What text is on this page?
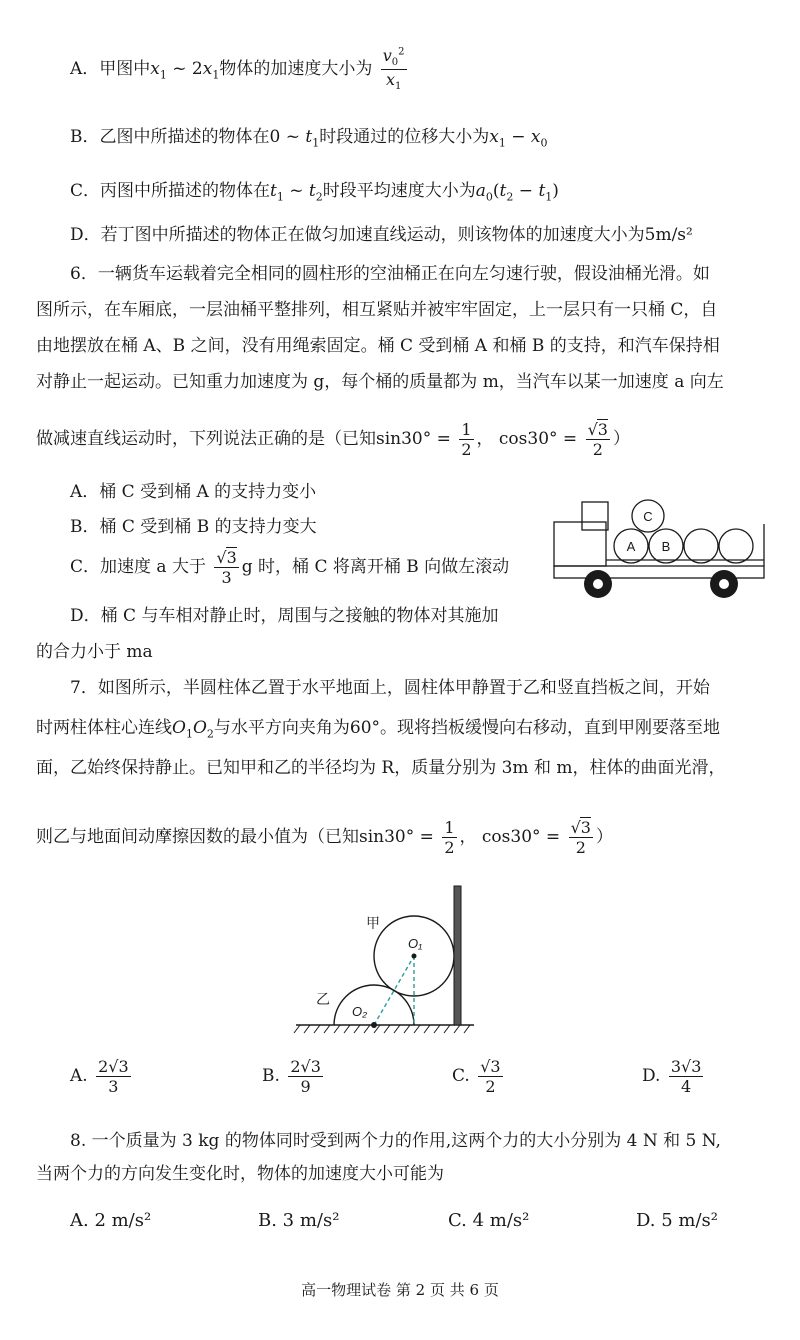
A．甲图中$x_1$ ~ $2x_1$物体的加速度大小为 $\frac{v_0^2}{x_1}$
B．乙图中所描述的物体在0 ~ $t_1$时段通过的位移大小为$x_1 - x_0$
C．丙图中所描述的物体在$t_1$ ~ $t_2$时段平均速度大小为$a_0(t_2 - t_1)$
D．若丁图中所描述的物体正在做匀加速直线运动，则该物体的加速度大小为5m/s²
6．一辆货车运载着完全相同的圆柱形的空油桶正在向左匀速行驶，假设油桶光滑。如
图所示，在车厢底，一层油桶平整排列，相互紧贴并被牢牢固定，上一层只有一只桶 C，自
由地摆放在桶 A、B 之间，没有用绳索固定。桶 C 受到桶 A 和桶 B 的支持，和汽车保持相
对静止一起运动。已知重力加速度为 g，每个桶的质量都为 m，当汽车以某一加速度 a 向左
做减速直线运动时，下列说法正确的是（已知$\sin 30^\circ = \frac{1}{2}$ ， $\cos 30^\circ = \frac{√3}{2}$ ）
A．桶 C 受到桶 A 的支持力变小
B．桶 C 受到桶 B 的支持力变大
C．加速度 a 大于 $\frac{√3}{3}$ g 时，桶 C 将离开桶 B 向做左滚动
D．桶 C 与车相对静止时，周围与之接触的物体对其施加
的合力小于 ma
C
A B
7．如图所示，半圆柱体乙置于水平地面上，圆柱体甲静置于乙和竖直挡板之间，开始
时两柱体柱心连线$O_1O_2$与水平方向夹角为60°。现将挡板缓慢向右移动，直到甲刚要落至地
面，乙始终保持静止。已知甲和乙的半径均为 R，质量分别为 3m 和 m，柱体的曲面光滑，
则乙与地面间动摩擦因数的最小值为（已知$\sin 30^\circ = \frac{1}{2}$ ， $\cos 30^\circ = \frac{√3}{2}$ ）
甲
乙
O₁
O₂
A. $\frac{2√3}{3}$	B. $\frac{2√3}{9}$	C. $\frac{√3}{2}$	D. $\frac{3√3}{4}$
8. 一个质量为 3 kg 的物体同时受到两个力的作用,这两个力的大小分别为 4 N 和 5 N,
当两个力的方向发生变化时，物体的加速度大小可能为
A. 2 m/s²	B. 3 m/s²	C. 4 m/s²	D. 5 m/s²
高一物理试卷 第 2 页 共 6 页
